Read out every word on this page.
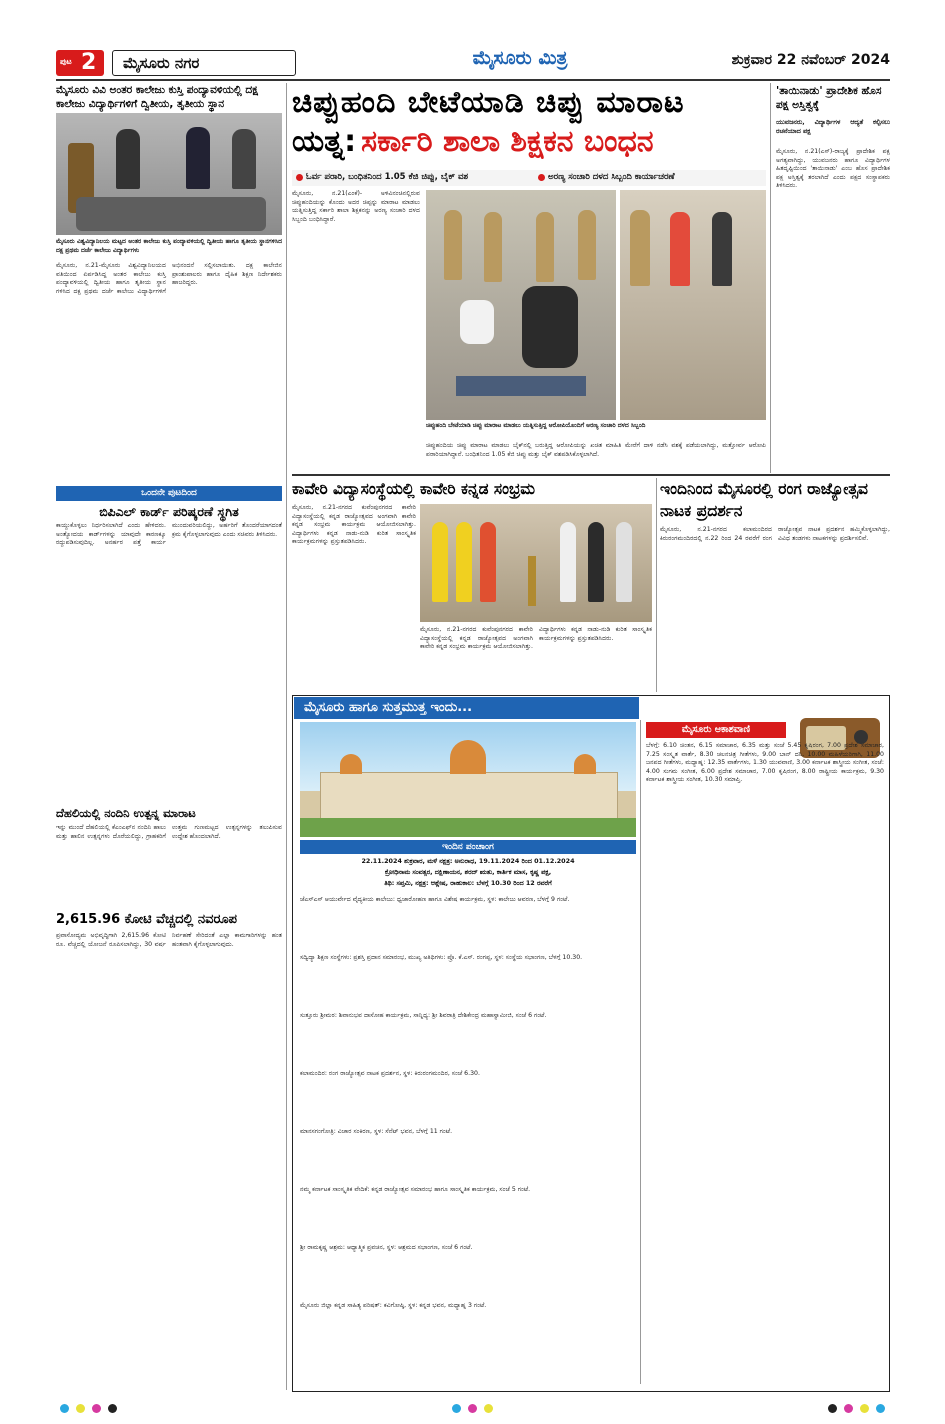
ಪುಟ 2	ಮೈಸೂರು ನಗರ	ಮೈಸೂರು ಮಿತ್ರ	ಶುಕ್ರವಾರ 22 ನವೆಂಬರ್ 2024
ಮೈಸೂರು ವಿವಿ ಅಂತರ ಕಾಲೇಜು ಕುಸ್ತಿ ಪಂದ್ಯಾವಳಿಯಲ್ಲಿ ದಕ್ಷ ಕಾಲೇಜು ವಿದ್ಯಾರ್ಥಿಗಳಿಗೆ ದ್ವಿತೀಯ, ತೃತೀಯ ಸ್ಥಾನ
ಮೈಸೂರು ವಿಶ್ವವಿದ್ಯಾನಿಲಯ ಮಟ್ಟದ ಅಂತರ ಕಾಲೇಜು ಕುಸ್ತಿ ಪಂದ್ಯಾವಳಿಯಲ್ಲಿ ದ್ವಿತೀಯ ಹಾಗೂ ತೃತೀಯ ಸ್ಥಾನಗಳಿಸಿದ ದಕ್ಷ ಪ್ರಥಮ ದರ್ಜೆ ಕಾಲೇಜು ವಿದ್ಯಾರ್ಥಿಗಳು
ಮೈಸೂರು, ನ.21-ಮೈಸೂರು ವಿಶ್ವವಿದ್ಯಾನಿಲಯದ ವತಿಯಿಂದ ಏರ್ಪಡಿಸಿದ್ದ ಅಂತರ ಕಾಲೇಜು ಕುಸ್ತಿ ಪಂದ್ಯಾವಳಿಯಲ್ಲಿ ದ್ವಿತೀಯ ಹಾಗೂ ತೃತೀಯ ಸ್ಥಾನ ಗಳಿಸಿದ ದಕ್ಷ ಪ್ರಥಮ ದರ್ಜೆ ಕಾಲೇಜು ವಿದ್ಯಾರ್ಥಿಗಳಿಗೆ ಅಭಿನಂದನೆ ಸಲ್ಲಿಸಲಾಯಿತು. ದಕ್ಷ ಕಾಲೇಜಿನ ಪ್ರಾಂಶುಪಾಲರು ಹಾಗೂ ದೈಹಿಕ ಶಿಕ್ಷಣ ನಿರ್ದೇಶಕರು ಹಾಜರಿದ್ದರು.
ಒಂದನೇ ಪುಟದಿಂದ
ಬಿಪಿಎಲ್ ಕಾರ್ಡ್ ಪರಿಷ್ಕರಣೆ ಸ್ಥಗಿತ
ಕಾಯ್ದುಕೊಳ್ಳಲು ನಿರ್ಧರಿಸಲಾಗಿದೆ ಎಂದು ಹೇಳಿದರು. ಅಂತ್ಯೋದಯ ಕಾರ್ಡ್‌ಗಳನ್ನು ಯಾವುದೇ ಕಾರಣಕ್ಕೂ ರದ್ದುಪಡಿಸುವುದಿಲ್ಲ. ಅನರ್ಹರ ಪತ್ತೆ ಕಾರ್ಯ ಮುಂದುವರಿಯಲಿದ್ದು, ಅರ್ಹರಿಗೆ ತೊಂದರೆಯಾಗದಂತೆ ಕ್ರಮ ಕೈಗೊಳ್ಳಲಾಗುವುದು ಎಂದು ಸಚಿವರು ತಿಳಿಸಿದರು.
ದೆಹಲಿಯಲ್ಲಿ ನಂದಿನಿ ಉತ್ಪನ್ನ ಮಾರಾಟ
ಇನ್ನು ಮುಂದೆ ದೆಹಲಿಯಲ್ಲಿ ಕೆಎಂಎಫ್‌ನ ನಂದಿನಿ ಹಾಲು ಮತ್ತು ಹಾಲಿನ ಉತ್ಪನ್ನಗಳು ದೊರೆಯಲಿದ್ದು, ಗ್ರಾಹಕರಿಗೆ ಉತ್ತಮ ಗುಣಮಟ್ಟದ ಉತ್ಪನ್ನಗಳನ್ನು ತಲುಪಿಸುವ ಉದ್ದೇಶ ಹೊಂದಲಾಗಿದೆ.
2,615.96 ಕೋಟಿ ವೆಚ್ಚದಲ್ಲಿ ನವರೂಪ
ಪ್ರವಾಸೋದ್ಯಮ ಅಭಿವೃದ್ಧಿಗಾಗಿ 2,615.96 ಕೋಟಿ ರೂ. ವೆಚ್ಚದಲ್ಲಿ ಯೋಜನೆ ರೂಪಿಸಲಾಗಿದ್ದು, 30 ವರ್ಷ ನಿರ್ವಹಣೆ ಸೇರಿದಂತೆ ಎಲ್ಲಾ ಕಾಮಗಾರಿಗಳನ್ನು ಹಂತ ಹಂತವಾಗಿ ಕೈಗೊಳ್ಳಲಾಗುವುದು.
ಚಿಪ್ಪುಹಂದಿ ಬೇಟೆಯಾಡಿ ಚಿಪ್ಪು ಮಾರಾಟ
ಯತ್ನ: ಸರ್ಕಾರಿ ಶಾಲಾ ಶಿಕ್ಷಕನ ಬಂಧನ
ಓರ್ವ ಪರಾರಿ, ಬಂಧಿತನಿಂದ 1.05 ಕೆಜಿ ಚಿಪ್ಪು, ಬೈಕ್ ವಶ	ಅರಣ್ಯ ಸಂಚಾರಿ ದಳದ ಸಿಬ್ಬಂದಿ ಕಾರ್ಯಾಚರಣೆ
ಮೈಸೂರು, ನ.21(ಎಂಕೆ)- ಅಳಿವಿನಂಚಿನಲ್ಲಿರುವ ಚಿಪ್ಪುಹಂದಿಯನ್ನು ಕೊಂದು ಅದರ ಚಿಪ್ಪನ್ನು ಮಾರಾಟ ಮಾಡಲು ಯತ್ನಿಸುತ್ತಿದ್ದ ಸರ್ಕಾರಿ ಶಾಲಾ ಶಿಕ್ಷಕನನ್ನು ಅರಣ್ಯ ಸಂಚಾರಿ ದಳದ ಸಿಬ್ಬಂದಿ ಬಂಧಿಸಿದ್ದಾರೆ.
ಚಿಪ್ಪುಹಂದಿ ಬೇಟೆಯಾಡಿ ಚಿಪ್ಪು ಮಾರಾಟ ಮಾಡಲು ಯತ್ನಿಸುತ್ತಿದ್ದ ಆರೋಪಿಯೊಂದಿಗೆ ಅರಣ್ಯ ಸಂಚಾರಿ ದಳದ ಸಿಬ್ಬಂದಿ
ಚಿಪ್ಪುಹಂದಿಯ ಚಿಪ್ಪು ಮಾರಾಟ ಮಾಡಲು ಬೈಕ್‌ನಲ್ಲಿ ಬರುತ್ತಿದ್ದ ಆರೋಪಿಯನ್ನು ಖಚಿತ ಮಾಹಿತಿ ಮೇರೆಗೆ ದಾಳಿ ನಡೆಸಿ ವಶಕ್ಕೆ ಪಡೆಯಲಾಗಿದ್ದು, ಮತ್ತೋರ್ವ ಆರೋಪಿ ಪರಾರಿಯಾಗಿದ್ದಾನೆ. ಬಂಧಿತನಿಂದ 1.05 ಕೆಜಿ ಚಿಪ್ಪು ಮತ್ತು ಬೈಕ್ ವಶಪಡಿಸಿಕೊಳ್ಳಲಾಗಿದೆ.
'ತಾಯಿನಾಡು' ಪ್ರಾದೇಶಿಕ ಹೊಸ ಪಕ್ಷ ಅಸ್ತಿತ್ವಕ್ಕೆ
ಯುವಜನರು, ವಿದ್ಯಾರ್ಥಿಗಳ ಆದ್ಯತೆ ಕಲ್ಪಿಸಲು ರಚನೆಯಾದ ಪಕ್ಷ
ಮೈಸೂರು, ನ.21(ಎಸ್)-ರಾಜ್ಯಕ್ಕೆ ಪ್ರಾದೇಶಿಕ ಪಕ್ಷ ಅಗತ್ಯವಾಗಿದ್ದು, ಯುವಜನರು ಹಾಗೂ ವಿದ್ಯಾರ್ಥಿಗಳ ಹಿತದೃಷ್ಟಿಯಿಂದ 'ತಾಯಿನಾಡು' ಎಂಬ ಹೊಸ ಪ್ರಾದೇಶಿಕ ಪಕ್ಷ ಅಸ್ತಿತ್ವಕ್ಕೆ ತರಲಾಗಿದೆ ಎಂದು ಪಕ್ಷದ ಸಂಸ್ಥಾಪಕರು ತಿಳಿಸಿದರು.
ಕಾವೇರಿ ವಿದ್ಯಾಸಂಸ್ಥೆಯಲ್ಲಿ ಕಾವೇರಿ ಕನ್ನಡ ಸಂಭ್ರಮ
ಮೈಸೂರು, ನ.21-ನಗರದ ಕುವೆಂಪುನಗರದ ಕಾವೇರಿ ವಿದ್ಯಾಸಂಸ್ಥೆಯಲ್ಲಿ ಕನ್ನಡ ರಾಜ್ಯೋತ್ಸವದ ಅಂಗವಾಗಿ ಕಾವೇರಿ ಕನ್ನಡ ಸಂಭ್ರಮ ಕಾರ್ಯಕ್ರಮ ಆಯೋಜಿಸಲಾಗಿತ್ತು. ವಿದ್ಯಾರ್ಥಿಗಳು ಕನ್ನಡ ನಾಡು-ನುಡಿ ಕುರಿತ ಸಾಂಸ್ಕೃತಿಕ ಕಾರ್ಯಕ್ರಮಗಳನ್ನು ಪ್ರಸ್ತುತಪಡಿಸಿದರು.
ಮೈಸೂರು, ನ.21-ನಗರದ ಕುವೆಂಪುನಗರದ ಕಾವೇರಿ ವಿದ್ಯಾಸಂಸ್ಥೆಯಲ್ಲಿ ಕನ್ನಡ ರಾಜ್ಯೋತ್ಸವದ ಅಂಗವಾಗಿ ಕಾವೇರಿ ಕನ್ನಡ ಸಂಭ್ರಮ ಕಾರ್ಯಕ್ರಮ ಆಯೋಜಿಸಲಾಗಿತ್ತು. ವಿದ್ಯಾರ್ಥಿಗಳು ಕನ್ನಡ ನಾಡು-ನುಡಿ ಕುರಿತ ಸಾಂಸ್ಕೃತಿಕ ಕಾರ್ಯಕ್ರಮಗಳನ್ನು ಪ್ರಸ್ತುತಪಡಿಸಿದರು.
ಇಂದಿನಿಂದ ಮೈಸೂರಲ್ಲಿ ರಂಗ ರಾಜ್ಯೋತ್ಸವ ನಾಟಕ ಪ್ರದರ್ಶನ
ಮೈಸೂರು, ನ.21-ನಗರದ ಕಲಾಮಂದಿರದ ಕಿರುರಂಗಮಂದಿರದಲ್ಲಿ ನ.22 ರಿಂದ 24 ರವರೆಗೆ ರಂಗ ರಾಜ್ಯೋತ್ಸವ ನಾಟಕ ಪ್ರದರ್ಶನ ಹಮ್ಮಿಕೊಳ್ಳಲಾಗಿದ್ದು, ವಿವಿಧ ತಂಡಗಳು ನಾಟಕಗಳನ್ನು ಪ್ರದರ್ಶಿಸಲಿವೆ.
ಮೈಸೂರು ಹಾಗೂ ಸುತ್ತಮುತ್ತ ಇಂದು...
ಇಂದಿನ ಪಂಚಾಂಗ
22.11.2024 ಶುಕ್ರವಾರ, ಮಳೆ ನಕ್ಷತ್ರ: ಅನುರಾಧ, 19.11.2024 ರಿಂದ 01.12.2024
ಕ್ರೋಧಿನಾಮ ಸಂವತ್ಸರ, ದಕ್ಷಿಣಾಯನ, ಶರದ್ ಋತು, ಕಾರ್ತಿಕ ಮಾಸ, ಕೃಷ್ಣ ಪಕ್ಷ,
ತಿಥಿ: ಸಪ್ತಮಿ, ನಕ್ಷತ್ರ: ಆಶ್ಲೇಷ, ರಾಹುಕಾಲ: ಬೆಳಗ್ಗೆ 10.30 ರಿಂದ 12 ರವರೆಗೆ
ಜೆಎಸ್‌ಎಸ್ ಆಯುರ್ವೇದ ವೈದ್ಯಕೀಯ ಕಾಲೇಜು: ಧ್ವಜಾರೋಹಣ ಹಾಗೂ ವಿಶೇಷ ಕಾರ್ಯಕ್ರಮ, ಸ್ಥಳ: ಕಾಲೇಜು ಆವರಣ, ಬೆಳಗ್ಗೆ 9 ಗಂಟೆ.
ಸದ್ವಿದ್ಯಾ ಶಿಕ್ಷಣ ಸಂಸ್ಥೆಗಳು: ಪ್ರಶಸ್ತಿ ಪ್ರದಾನ ಸಮಾರಂಭ, ಮುಖ್ಯ ಅತಿಥಿಗಳು: ಪ್ರೊ. ಕೆ.ಎಸ್. ರಂಗಪ್ಪ, ಸ್ಥಳ: ಸಂಸ್ಥೆಯ ಸಭಾಂಗಣ, ಬೆಳಗ್ಗೆ 10.30.
ಸುತ್ತೂರು ಶ್ರೀಮಠ: ಶಿವಾನುಭವ ದಾಸೋಹ ಕಾರ್ಯಕ್ರಮ, ಸಾನ್ನಿಧ್ಯ: ಶ್ರೀ ಶಿವರಾತ್ರಿ ದೇಶಿಕೇಂದ್ರ ಮಹಾಸ್ವಾಮೀಜಿ, ಸಂಜೆ 6 ಗಂಟೆ.
ಕಲಾಮಂದಿರ: ರಂಗ ರಾಜ್ಯೋತ್ಸವ ನಾಟಕ ಪ್ರದರ್ಶನ, ಸ್ಥಳ: ಕಿರುರಂಗಮಂದಿರ, ಸಂಜೆ 6.30.
ಮಾನಸಗಂಗೋತ್ರಿ: ವಿಚಾರ ಸಂಕಿರಣ, ಸ್ಥಳ: ಸೆನೆಟ್ ಭವನ, ಬೆಳಗ್ಗೆ 11 ಗಂಟೆ.
ನಮ್ಮ ಕರ್ನಾಟಕ ಸಾಂಸ್ಕೃತಿಕ ವೇದಿಕೆ: ಕನ್ನಡ ರಾಜ್ಯೋತ್ಸವ ಸಮಾರಂಭ ಹಾಗೂ ಸಾಂಸ್ಕೃತಿಕ ಕಾರ್ಯಕ್ರಮ, ಸಂಜೆ 5 ಗಂಟೆ.
ಶ್ರೀ ರಾಮಕೃಷ್ಣ ಆಶ್ರಮ: ಆಧ್ಯಾತ್ಮಿಕ ಪ್ರವಚನ, ಸ್ಥಳ: ಆಶ್ರಮದ ಸಭಾಂಗಣ, ಸಂಜೆ 6 ಗಂಟೆ.
ಮೈಸೂರು ಜಿಲ್ಲಾ ಕನ್ನಡ ಸಾಹಿತ್ಯ ಪರಿಷತ್: ಕವಿಗೋಷ್ಠಿ, ಸ್ಥಳ: ಕನ್ನಡ ಭವನ, ಮಧ್ಯಾಹ್ನ 3 ಗಂಟೆ.
ಮೈಸೂರು ಆಕಾಶವಾಣಿ
ಬೆಳಗ್ಗೆ: 6.10 ಚಿಂತನ, 6.15 ಸಮಾಚಾರ, 6.35 ಮತ್ತು ಸಂಜೆ 5.45 ಕೃಷಿರಂಗ, 7.00 ಪ್ರದೇಶ ಸಮಾಚಾರ, 7.25 ಸಂಸ್ಕೃತ ವಾರ್ತೆ, 8.30 ಚಲನಚಿತ್ರ ಗೀತೆಗಳು, 9.00 ಬಾನ್ ದನಿ, 10.00 ಮಹಿಳೆಯರಿಗಾಗಿ, 11.00 ಜನಪದ ಗೀತೆಗಳು, ಮಧ್ಯಾಹ್ನ: 12.35 ವಾರ್ತೆಗಳು, 1.30 ಯುವವಾಣಿ, 3.00 ಕರ್ನಾಟಕ ಶಾಸ್ತ್ರೀಯ ಸಂಗೀತ, ಸಂಜೆ: 4.00 ಸುಗಮ ಸಂಗೀತ, 6.00 ಪ್ರದೇಶ ಸಮಾಚಾರ, 7.00 ಕೃಷಿರಂಗ, 8.00 ರಾಷ್ಟ್ರೀಯ ಕಾರ್ಯಕ್ರಮ, 9.30 ಕರ್ನಾಟಕ ಶಾಸ್ತ್ರೀಯ ಸಂಗೀತ, 10.30 ಸಮಾಪ್ತಿ.
